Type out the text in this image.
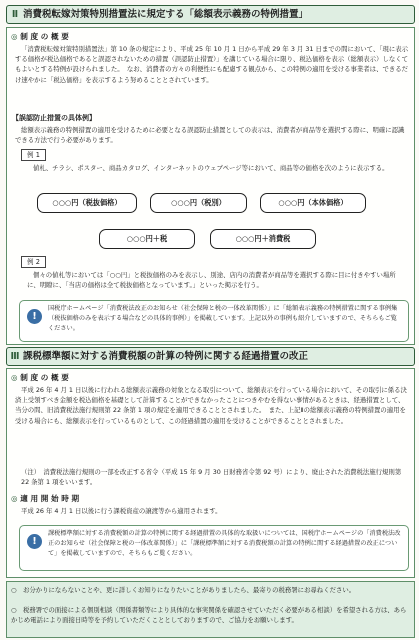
Ⅱ 消費税転嫁対策特別措置法に規定する「総額表示義務の特例措置」
◎ 制 度 の 概 要
「消費税転嫁対策特別措置法」第 10 条の規定により、平成 25 年 10 月 1 日から平成 29 年 3 月 31 日までの間において、「現に表示する価格が税込価格であると誤認されないための措置（誤認防止措置）」を講じている場合に限り、税込価格を表示（総額表示）しなくてもよいとする特例が設けられました。　なお、消費者の方々の利便性にも配慮する観点から、この特例の適用を受ける事業者は、できるだけ速やかに「税込価格」を表示するよう努めることとされています。
【誤認防止措置の具体例】
総額表示義務の特例措置の適用を受けるために必要となる誤認防止措置としての表示は、消費者が商品等を選択する際に、明確に認識できる方法で行う必要があります。
例 1
値札、チラシ、ポスター、商品カタログ、インターネットのウェブページ等において、商品等の価格を次のように表示する。
○○○円（税抜価格）	○○○円（税別）	○○○円（本体価格）
○○○円＋税	○○○円＋消費税
例 2
個々の値札等においては「○○円」と税抜価格のみを表示し、別途、店内の消費者が商品等を選択する際に目に付きやすい場所に、明瞭に、「当店の価格は全て税抜価格となっています。」といった掲示を行う。
!
国税庁ホームページ「消費税法改正のお知らせ（社会保障と税の一体改革関係）」に「総額表示義務の特例措置に関する事例集（税抜価格のみを表示する場合などの具体的事例）」を掲載しています。上記以外の事例も紹介していますので、そちらもご覧ください。
Ⅲ 課税標準額に対する消費税額の計算の特例に関する経過措置の改正
◎ 制 度 の 概 要
平成 26 年 4 月 1 日以後に行われる総額表示義務の対象となる取引について、総額表示を行っている場合において、その取引に係る決済上受領すべき金額を税込価格を基礎として計算することができなかったことにつきやむを得ない事情があるときは、経過措置として、当分の間、旧消費税法施行規則第 22 条第 1 項の規定を適用できることとされました。　また、上記Ⅱの総額表示義務の特例措置の適用を受ける場合にも、総額表示を行っているものとして、この経過措置の適用を受けることができることとされました。
（注）　消費税法施行規則の一部を改正する省令（平成 15 年 9 月 30 日財務省令第 92 号）により、廃止された消費税法施行規則第 22 条第 1 項をいいます。
◎ 適 用 開 始 時 期
平成 26 年 4 月 1 日以後に行う課税資産の譲渡等から適用されます。
!
課税標準額に対する消費税額の計算の特例に関する経過措置の具体的な取扱いについては、国税庁ホームページの「消費税法改正のお知らせ（社会保障と税の一体改革関係）」に「課税標準額に対する消費税額の計算の特例に関する経過措置の改正について」を掲載していますので、そちらもご覧ください。
○　お分かりにならないことや、更に詳しくお知りになりたいことがありましたら、最寄りの税務署にお尋ねください。
○　税務署での面接による個別相談（関係書類等により具体的な事実関係を確認させていただく必要がある相談）を希望される方は、あらかじめ電話により面接日時等を予約していただくこととしておりますので、ご協力をお願いします。
